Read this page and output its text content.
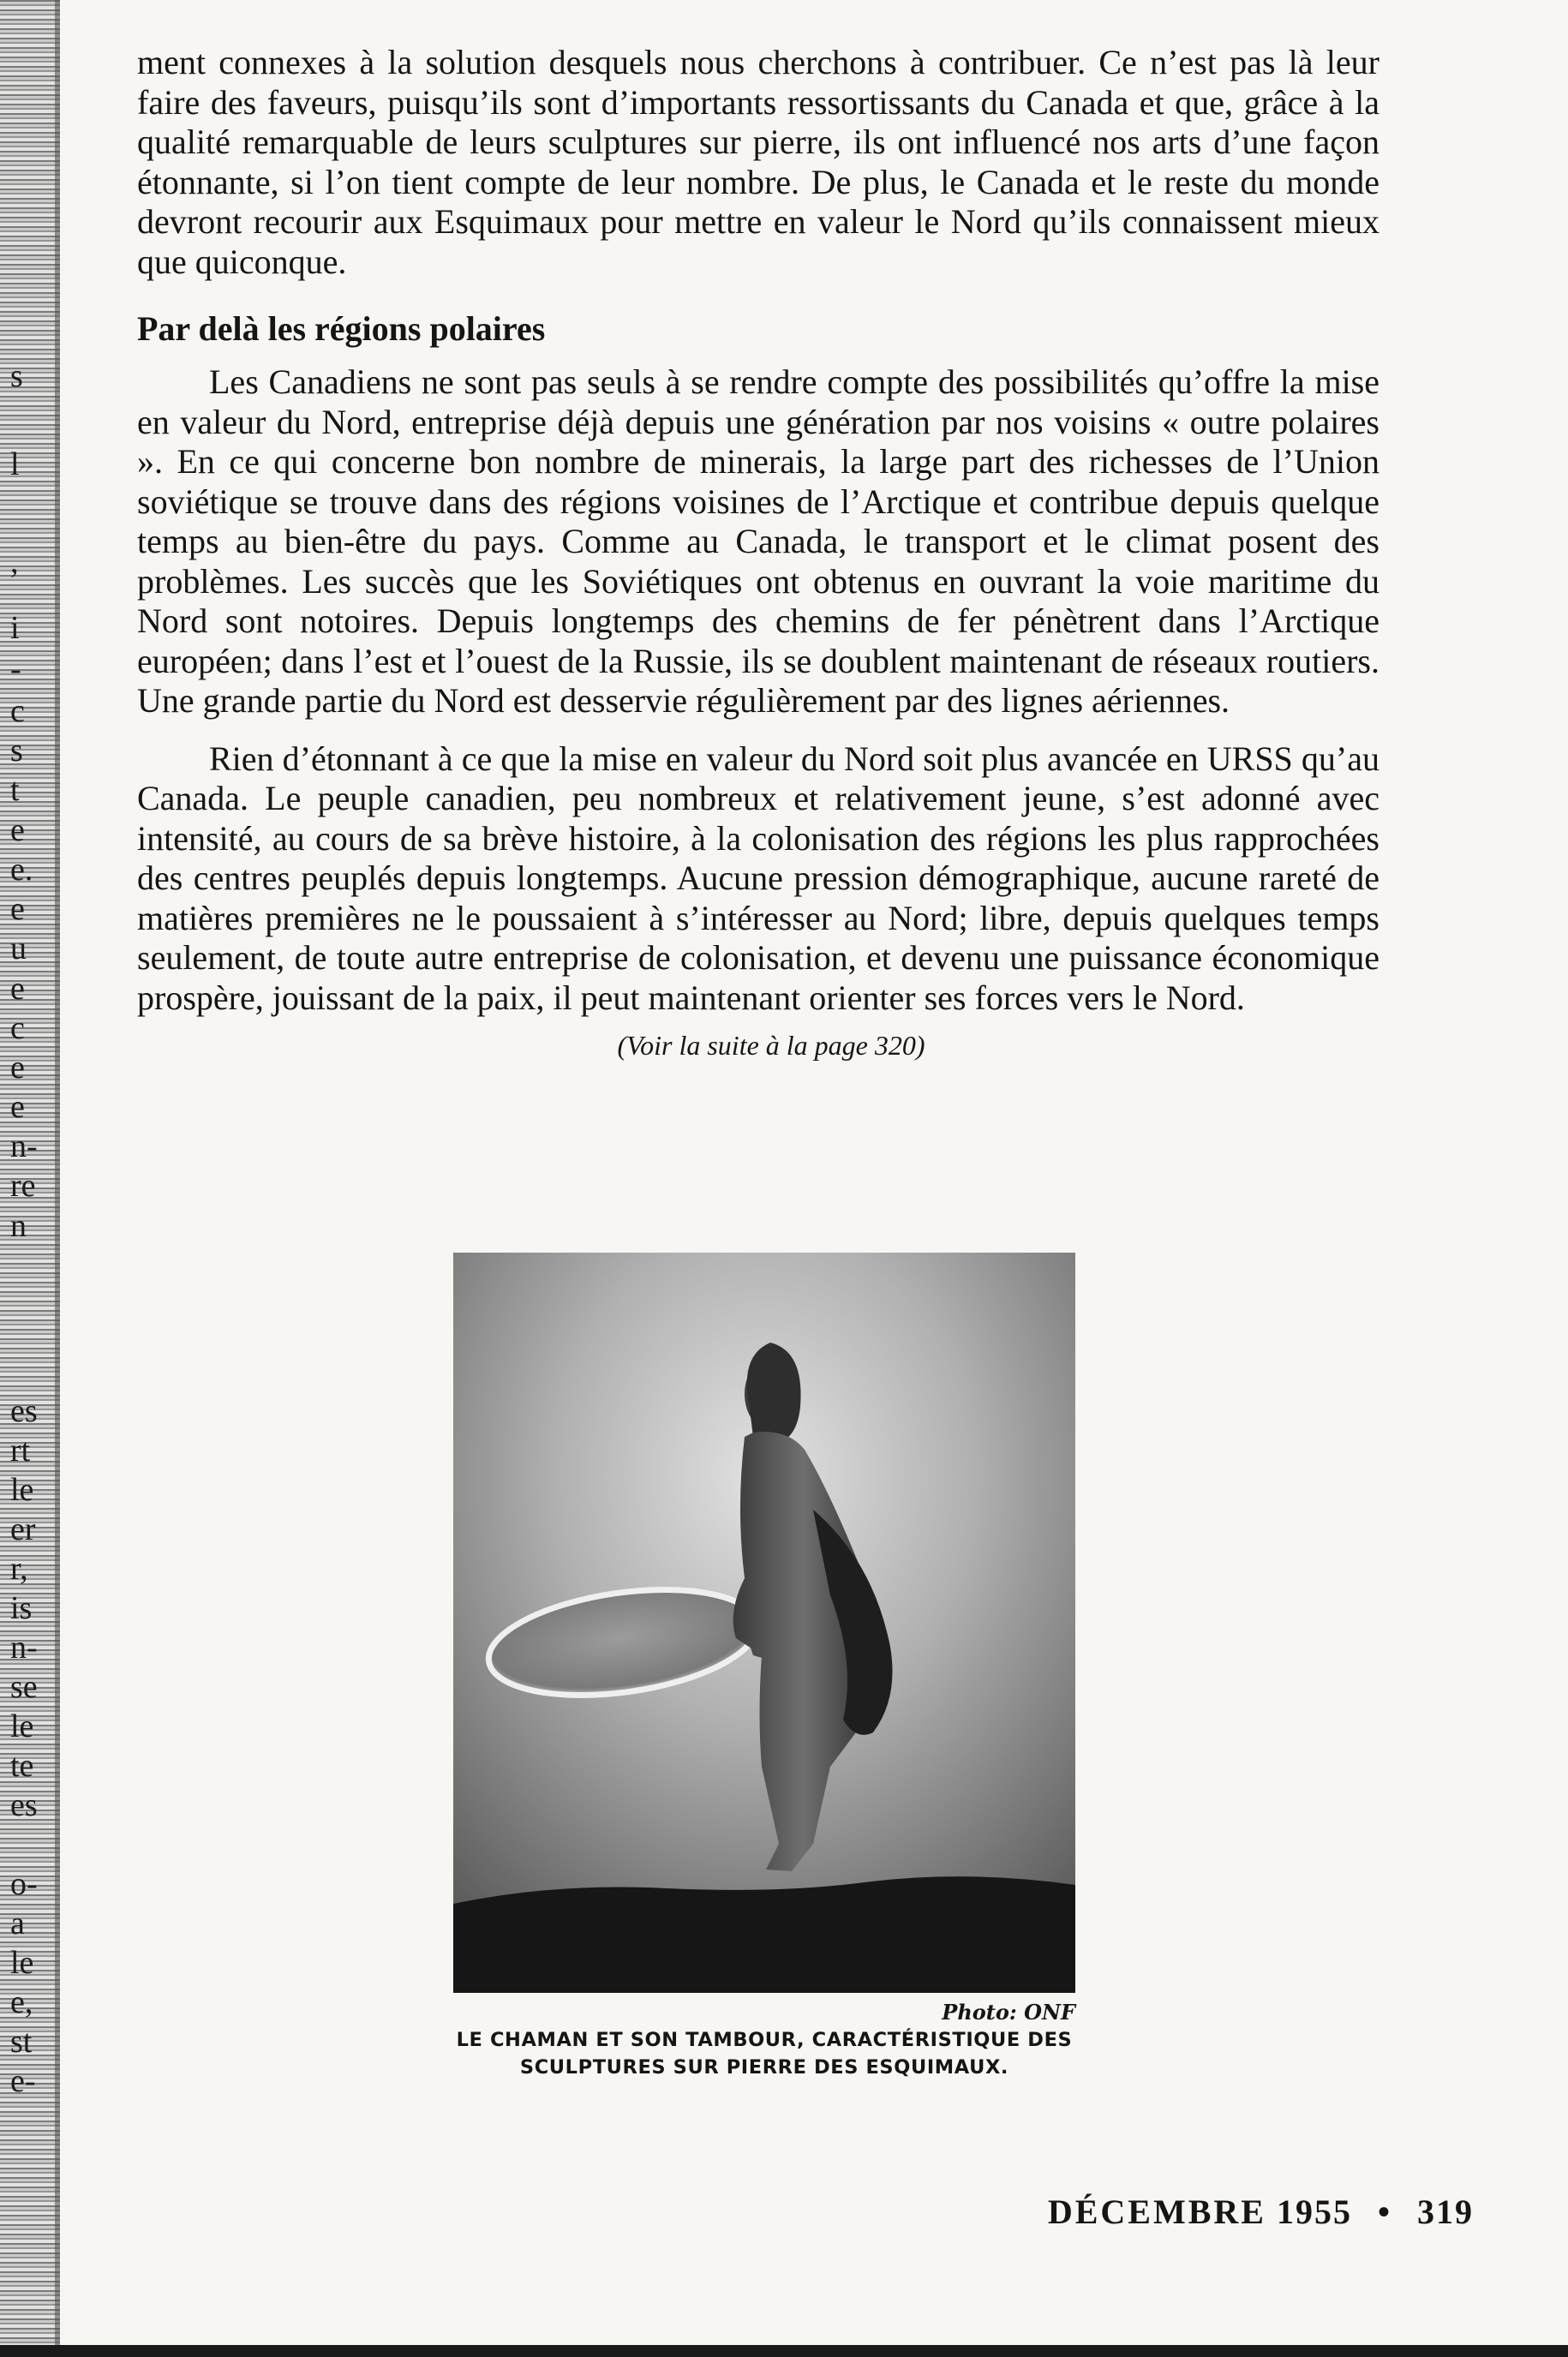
s
l
,
i
-
c
s
t
e
e.
e
u
e
c
e
e
n-
re
n
es
rt
le
er
r,
is
n-
se
le
te
es
o-
a
le
e,
st
e-

ment connexes à la solution desquels nous cherchons à contribuer. Ce n’est pas là leur faire des faveurs, puisqu’ils sont d’importants ressortissants du Canada et que, grâce à la qualité remarquable de leurs sculptures sur pierre, ils ont influencé nos arts d’une façon étonnante, si l’on tient compte de leur nombre. De plus, le Canada et le reste du monde devront recourir aux Esquimaux pour mettre en valeur le Nord qu’ils connaissent mieux que quiconque.

Par delà les régions polaires

Les Canadiens ne sont pas seuls à se rendre compte des possibilités qu’offre la mise en valeur du Nord, entreprise déjà depuis une génération par nos voisins « outre polaires ». En ce qui concerne bon nombre de minerais, la large part des richesses de l’Union soviétique se trouve dans des régions voisines de l’Arctique et contribue depuis quelque temps au bien-être du pays. Comme au Canada, le transport et le climat posent des problèmes. Les succès que les Soviétiques ont obtenus en ouvrant la voie maritime du Nord sont notoires. Depuis longtemps des chemins de fer pénètrent dans l’Arctique européen; dans l’est et l’ouest de la Russie, ils se doublent maintenant de réseaux routiers. Une grande partie du Nord est desservie régulièrement par des lignes aériennes.

Rien d’étonnant à ce que la mise en valeur du Nord soit plus avancée en URSS qu’au Canada. Le peuple canadien, peu nombreux et relativement jeune, s’est adonné avec intensité, au cours de sa brève histoire, à la colonisation des régions les plus rapprochées des centres peuplés depuis longtemps. Aucune pression démographique, aucune rareté de matières premières ne le poussaient à s’intéresser au Nord; libre, depuis quelques temps seulement, de toute autre entreprise de colonisation, et devenu une puissance économique prospère, jouissant de la paix, il peut maintenant orienter ses forces vers le Nord.

(Voir la suite à la page 320)
Photo: ONF
LE CHAMAN ET SON TAMBOUR, CARACTÉRISTIQUE DES SCULPTURES SUR PIERRE DES ESQUIMAUX.
DÉCEMBRE 1955 • 319
